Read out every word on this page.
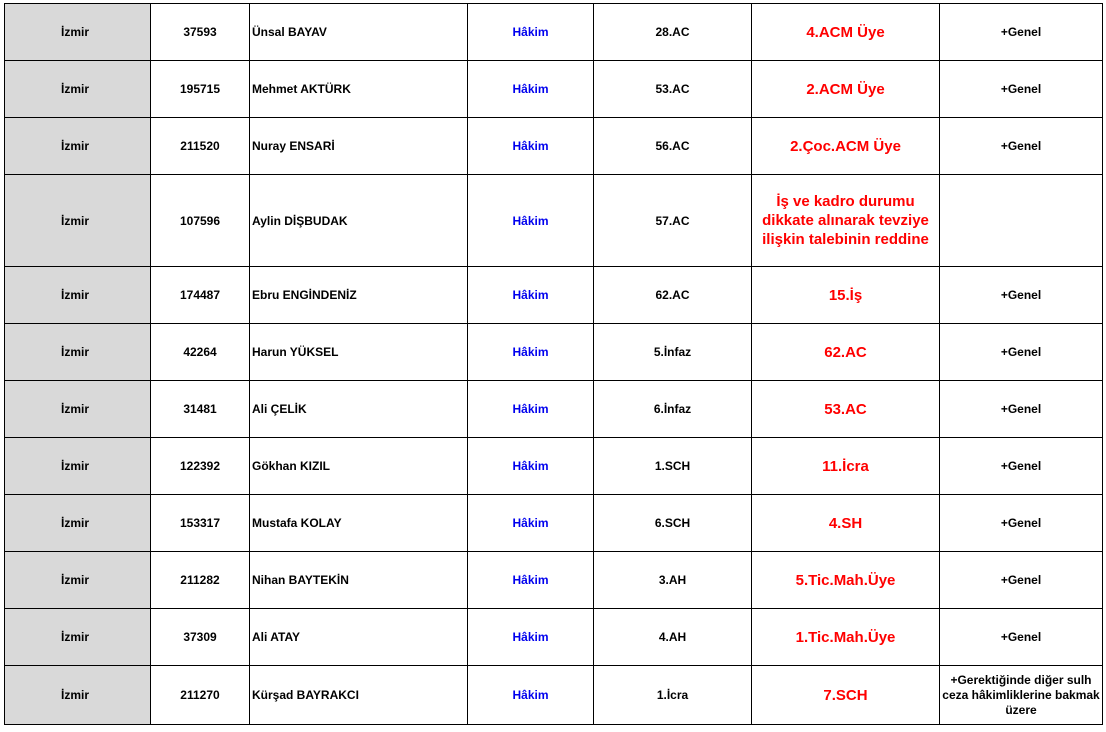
İzmir	37593	Ünsal BAYAV	Hâkim	28.AC	4.ACM Üye	+Genel
İzmir	195715	Mehmet AKTÜRK	Hâkim	53.AC	2.ACM Üye	+Genel
İzmir	211520	Nuray ENSARİ	Hâkim	56.AC	2.Çoc.ACM Üye	+Genel
İzmir	107596	Aylin DİŞBUDAK	Hâkim	57.AC	İş ve kadro durumu dikkate alınarak tevziye ilişkin talebinin reddine	
İzmir	174487	Ebru ENGİNDENİZ	Hâkim	62.AC	15.İş	+Genel
İzmir	42264	Harun YÜKSEL	Hâkim	5.İnfaz	62.AC	+Genel
İzmir	31481	Ali ÇELİK	Hâkim	6.İnfaz	53.AC	+Genel
İzmir	122392	Gökhan KIZIL	Hâkim	1.SCH	11.İcra	+Genel
İzmir	153317	Mustafa KOLAY	Hâkim	6.SCH	4.SH	+Genel
İzmir	211282	Nihan BAYTEKİN	Hâkim	3.AH	5.Tic.Mah.Üye	+Genel
İzmir	37309	Ali ATAY	Hâkim	4.AH	1.Tic.Mah.Üye	+Genel
İzmir	211270	Kürşad BAYRAKCI	Hâkim	1.İcra	7.SCH	+Gerektiğinde diğer sulh ceza hâkimliklerine bakmak üzere
